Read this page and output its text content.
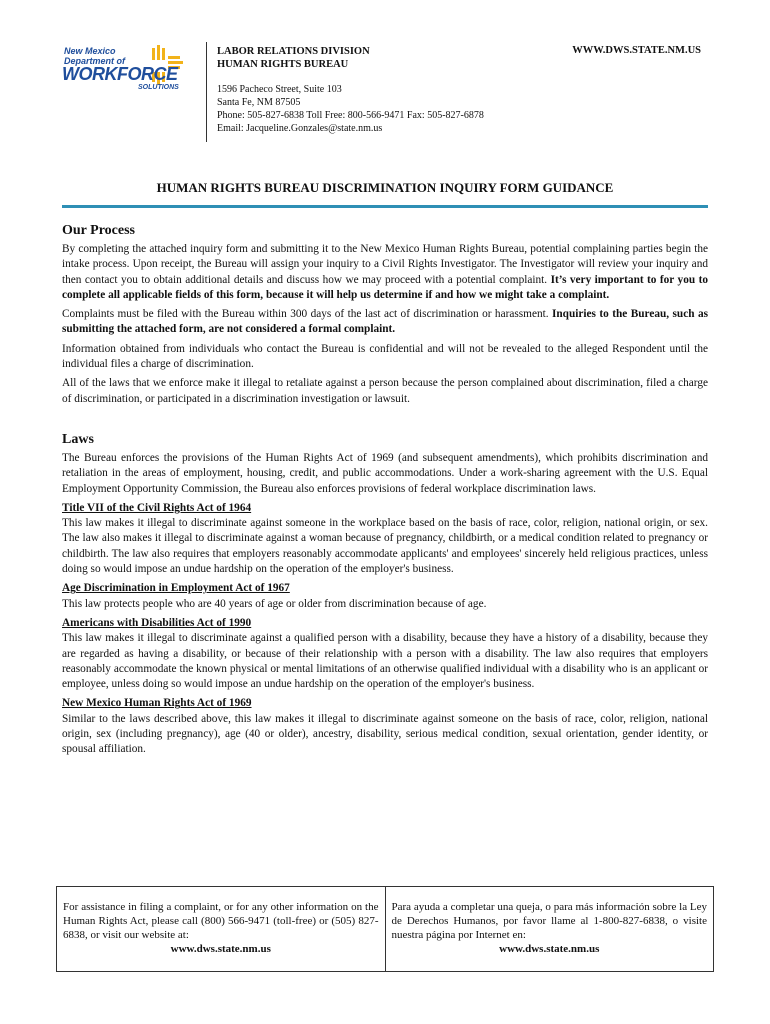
New Mexico
Department of
WORKFORCE
SOLUTIONS
LABOR RELATIONS DIVISION
HUMAN RIGHTS BUREAU
1596 Pacheco Street, Suite 103
Santa Fe, NM 87505
Phone: 505-827-6838 Toll Free: 800-566-9471 Fax: 505-827-6878
Email: Jacqueline.Gonzales@state.nm.us
WWW.DWS.STATE.NM.US
HUMAN RIGHTS BUREAU DISCRIMINATION INQUIRY FORM GUIDANCE
Our Process

By completing the attached inquiry form and submitting it to the New Mexico Human Rights Bureau, potential complaining parties begin the intake process. Upon receipt, the Bureau will assign your inquiry to a Civil Rights Investigator. The Investigator will review your inquiry and then contact you to obtain additional details and discuss how we may proceed with a potential complaint. It’s very important to for you to complete all applicable fields of this form, because it will help us determine if and how we might take a complaint.

Complaints must be filed with the Bureau within 300 days of the last act of discrimination or harassment. Inquiries to the Bureau, such as submitting the attached form, are not considered a formal complaint.

Information obtained from individuals who contact the Bureau is confidential and will not be revealed to the alleged Respondent until the individual files a charge of discrimination.

All of the laws that we enforce make it illegal to retaliate against a person because the person complained about discrimination, filed a charge of discrimination, or participated in a discrimination investigation or lawsuit.

Laws

The Bureau enforces the provisions of the Human Rights Act of 1969 (and subsequent amendments), which prohibits discrimination and retaliation in the areas of employment, housing, credit, and public accommodations. Under a work-sharing agreement with the U.S. Equal Employment Opportunity Commission, the Bureau also enforces provisions of federal workplace discrimination laws.

Title VII of the Civil Rights Act of 1964

This law makes it illegal to discriminate against someone in the workplace based on the basis of race, color, religion, national origin, or sex. The law also makes it illegal to discriminate against a woman because of pregnancy, childbirth, or a medical condition related to pregnancy or childbirth. The law also requires that employers reasonably accommodate applicants' and employees' sincerely held religious practices, unless doing so would impose an undue hardship on the operation of the employer's business.

Age Discrimination in Employment Act of 1967

This law protects people who are 40 years of age or older from discrimination because of age.

Americans with Disabilities Act of 1990

This law makes it illegal to discriminate against a qualified person with a disability, because they have a history of a disability, because they are regarded as having a disability, or because of their relationship with a person with a disability. The law also requires that employers reasonably accommodate the known physical or mental limitations of an otherwise qualified individual with a disability who is an applicant or employee, unless doing so would impose an undue hardship on the operation of the employer's business.

New Mexico Human Rights Act of 1969

Similar to the laws described above, this law makes it illegal to discriminate against someone on the basis of race, color, religion, national origin, sex (including pregnancy), age (40 or older), ancestry, disability, serious medical condition, sexual orientation, gender identity, or spousal affiliation.

For assistance in filing a complaint, or for any other information on the Human Rights Act, please call (800) 566-9471 (toll-free) or (505) 827-6838, or visit our website at:
www.dws.state.nm.us
Para ayuda a completar una queja, o para más información sobre la Ley de Derechos Humanos, por favor llame al 1-800-827-6838, o visite nuestra página por Internet en:
www.dws.state.nm.us
